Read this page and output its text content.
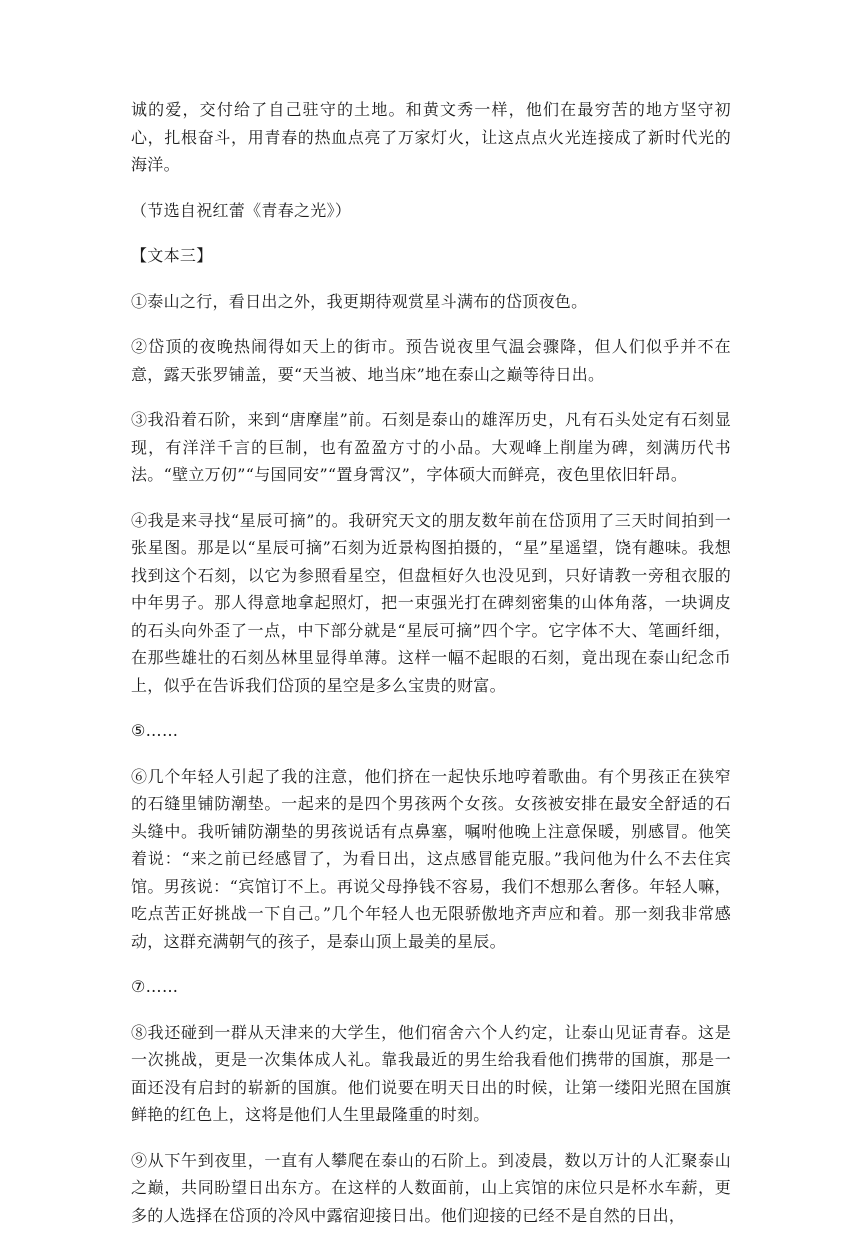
诚的爱，交付给了自己驻守的土地。和黄文秀一样，他们在最穷苦的地方坚守初心，扎根奋斗，用青春的热血点亮了万家灯火，让这点点火光连接成了新时代光的海洋。

（节选自祝红蕾《青春之光》）

【文本三】

①泰山之行，看日出之外，我更期待观赏星斗满布的岱顶夜色。

②岱顶的夜晚热闹得如天上的街市。预告说夜里气温会骤降，但人们似乎并不在意，露天张罗铺盖，要“天当被、地当床”地在泰山之巅等待日出。

③我沿着石阶，来到“唐摩崖”前。石刻是泰山的雄浑历史，凡有石头处定有石刻显现，有洋洋千言的巨制，也有盈盈方寸的小品。大观峰上削崖为碑，刻满历代书法。“壁立万仞”“与国同安”“置身霄汉”，字体硕大而鲜亮，夜色里依旧轩昂。

④我是来寻找“星辰可摘”的。我研究天文的朋友数年前在岱顶用了三天时间拍到一张星图。那是以“星辰可摘”石刻为近景构图拍摄的，“星”星遥望，饶有趣味。我想找到这个石刻，以它为参照看星空，但盘桓好久也没见到，只好请教一旁租衣服的中年男子。那人得意地拿起照灯，把一束强光打在碑刻密集的山体角落，一块调皮的石头向外歪了一点，中下部分就是“星辰可摘”四个字。它字体不大、笔画纤细，在那些雄壮的石刻丛林里显得单薄。这样一幅不起眼的石刻，竟出现在泰山纪念币上，似乎在告诉我们岱顶的星空是多么宝贵的财富。

⑤……

⑥几个年轻人引起了我的注意，他们挤在一起快乐地哼着歌曲。有个男孩正在狭窄的石缝里铺防潮垫。一起来的是四个男孩两个女孩。女孩被安排在最安全舒适的石头缝中。我听铺防潮垫的男孩说话有点鼻塞，嘱咐他晚上注意保暖，别感冒。他笑着说：“来之前已经感冒了，为看日出，这点感冒能克服。”我问他为什么不去住宾馆。男孩说：“宾馆订不上。再说父母挣钱不容易，我们不想那么奢侈。年轻人嘛，吃点苦正好挑战一下自己。”几个年轻人也无限骄傲地齐声应和着。那一刻我非常感动，这群充满朝气的孩子，是泰山顶上最美的星辰。

⑦……

⑧我还碰到一群从天津来的大学生，他们宿舍六个人约定，让泰山见证青春。这是一次挑战，更是一次集体成人礼。靠我最近的男生给我看他们携带的国旗，那是一面还没有启封的崭新的国旗。他们说要在明天日出的时候，让第一缕阳光照在国旗鲜艳的红色上，这将是他们人生里最隆重的时刻。

⑨从下午到夜里，一直有人攀爬在泰山的石阶上。到凌晨，数以万计的人汇聚泰山之巅，共同盼望日出东方。在这样的人数面前，山上宾馆的床位只是杯水车薪，更多的人选择在岱顶的冷风中露宿迎接日出。他们迎接的已经不是自然的日出，
